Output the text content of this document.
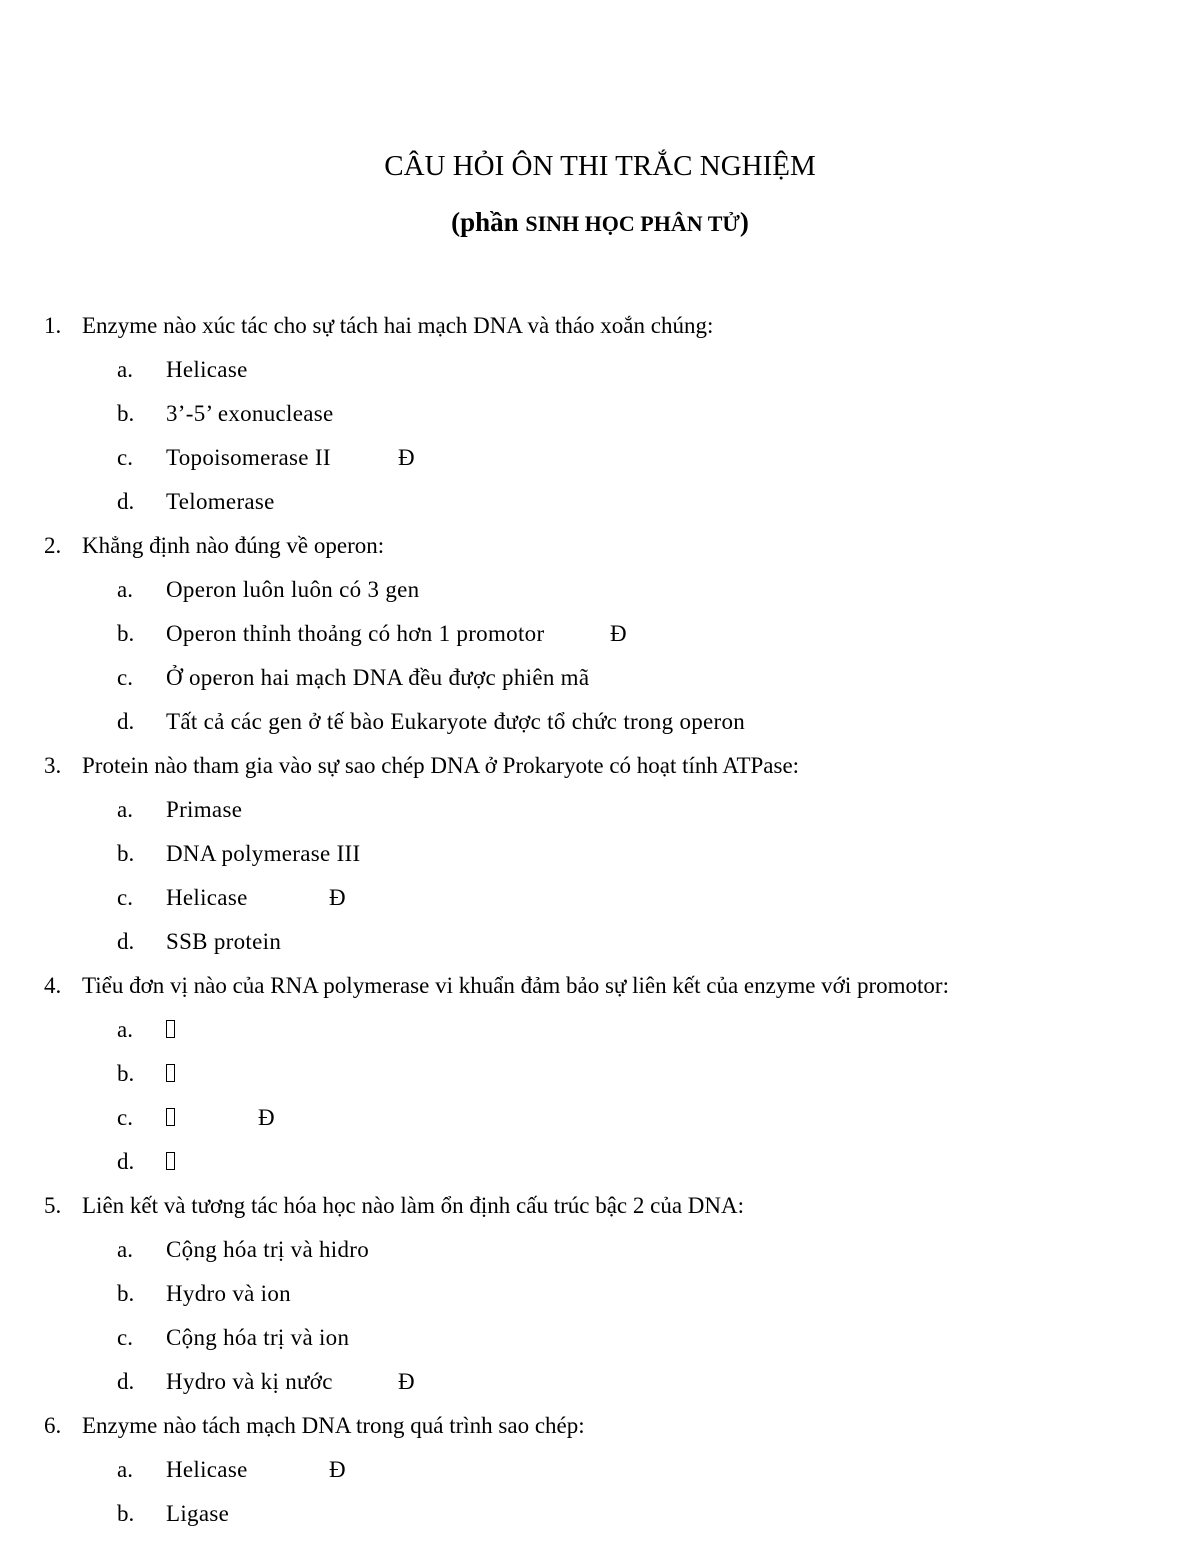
CÂU HỎI ÔN THI TRẮC NGHIỆM

(phần SINH HỌC PHÂN TỬ)

1. Enzyme nào xúc tác cho sự tách hai mạch DNA và tháo xoắn chúng:
a. Helicase
b. 3’-5’ exonuclease
c. Topoisomerase II	Đ
d. Telomerase
2. Khẳng định nào đúng về operon:
a. Operon luôn luôn có 3 gen
b. Operon thỉnh thoảng có hơn 1 promotor	Đ
c. Ở operon hai mạch DNA đều được phiên mã
d. Tất cả các gen ở tế bào Eukaryote được tổ chức trong operon
3. Protein nào tham gia vào sự sao chép DNA ở Prokaryote có hoạt tính ATPase:
a. Primase
b. DNA polymerase III
c. Helicase	Đ
d. SSB protein
4. Tiểu đơn vị nào của RNA polymerase vi khuẩn đảm bảo sự liên kết của enzyme với promotor:
a.
b.
c.	Đ
d.
5. Liên kết và tương tác hóa học nào làm ổn định cấu trúc bậc 2 của DNA:
a. Cộng hóa trị và hidro
b. Hydro và ion
c. Cộng hóa trị và ion
d. Hydro và kị nước	Đ
6. Enzyme nào tách mạch DNA trong quá trình sao chép:
a. Helicase	Đ
b. Ligase
